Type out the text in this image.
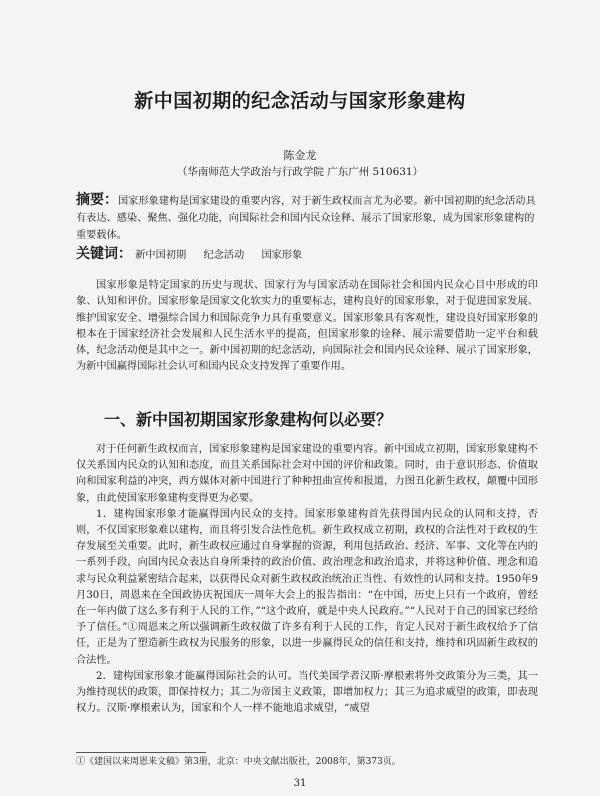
新中国初期的纪念活动与国家形象建构
陈金龙
（华南师范大学政治与行政学院 广东广州 510631）
摘要：国家形象建构是国家建设的重要内容，对于新生政权而言尤为必要。新中国初期的纪念活动具有表达、感染、聚焦、强化功能，向国际社会和国内民众诠释、展示了国家形象，成为国家形象建构的重要载体。
关键词： 新中国初期 纪念活动 国家形象
国家形象是特定国家的历史与现状、国家行为与国家活动在国际社会和国内民众心目中形成的印象、认知和评价。国家形象是国家文化软实力的重要标志，建构良好的国家形象，对于促进国家发展、维护国家安全、增强综合国力和国际竞争力具有重要意义。国家形象具有客观性，建设良好国家形象的根本在于国家经济社会发展和人民生活水平的提高，但国家形象的诠释、展示需要借助一定平台和载体，纪念活动便是其中之一。新中国初期的纪念活动，向国际社会和国内民众诠释、展示了国家形象，为新中国赢得国际社会认可和国内民众支持发挥了重要作用。
一、新中国初期国家形象建构何以必要？

对于任何新生政权而言，国家形象建构是国家建设的重要内容。新中国成立初期，国家形象建构不仅关系国内民众的认知和态度，而且关系国际社会对中国的评价和政策。同时，由于意识形态、价值取向和国家利益的冲突，西方媒体对新中国进行了种种扭曲宣传和报道，力图丑化新生政权，颠覆中国形象，由此使国家形象建构变得更为必要。

1．建构国家形象才能赢得国内民众的支持。国家形象建构首先获得国内民众的认同和支持，否则，不仅国家形象难以建构，而且将引发合法性危机。新生政权成立初期，政权的合法性对于政权的生存发展至关重要。此时，新生政权应通过自身掌握的资源，利用包括政治、经济、军事、文化等在内的一系列手段，向国内民众表达自身所秉持的政治价值、政治理念和政治追求，并将这种价值、理念和追求与民众利益紧密结合起来，以获得民众对新生政权政治统治正当性、有效性的认同和支持。1950年9月30日，周恩来在全国政协庆祝国庆一周年大会上的报告指出：“在中国，历史上只有一个政府，曾经在一年内做了这么多有利于人民的工作，”“这个政府，就是中央人民政府。”“人民对于自己的国家已经给予了信任。”①周恩来之所以强调新生政权做了许多有利于人民的工作，肯定人民对于新生政权给予了信任，正是为了塑造新生政权为民服务的形象，以进一步赢得民众的信任和支持，维持和巩固新生政权的合法性。

2．建构国家形象才能赢得国际社会的认可。当代美国学者汉斯·摩根索将外交政策分为三类，其一为维持现状的政策，即保持权力；其二为帝国主义政策，即增加权力；其三为追求威望的政策，即表现权力。汉斯·摩根索认为，国家和个人一样不能地追求威望，“威望

①《建国以来周恩来文稿》第3册，北京：中央文献出版社，2008年，第373页。
31
